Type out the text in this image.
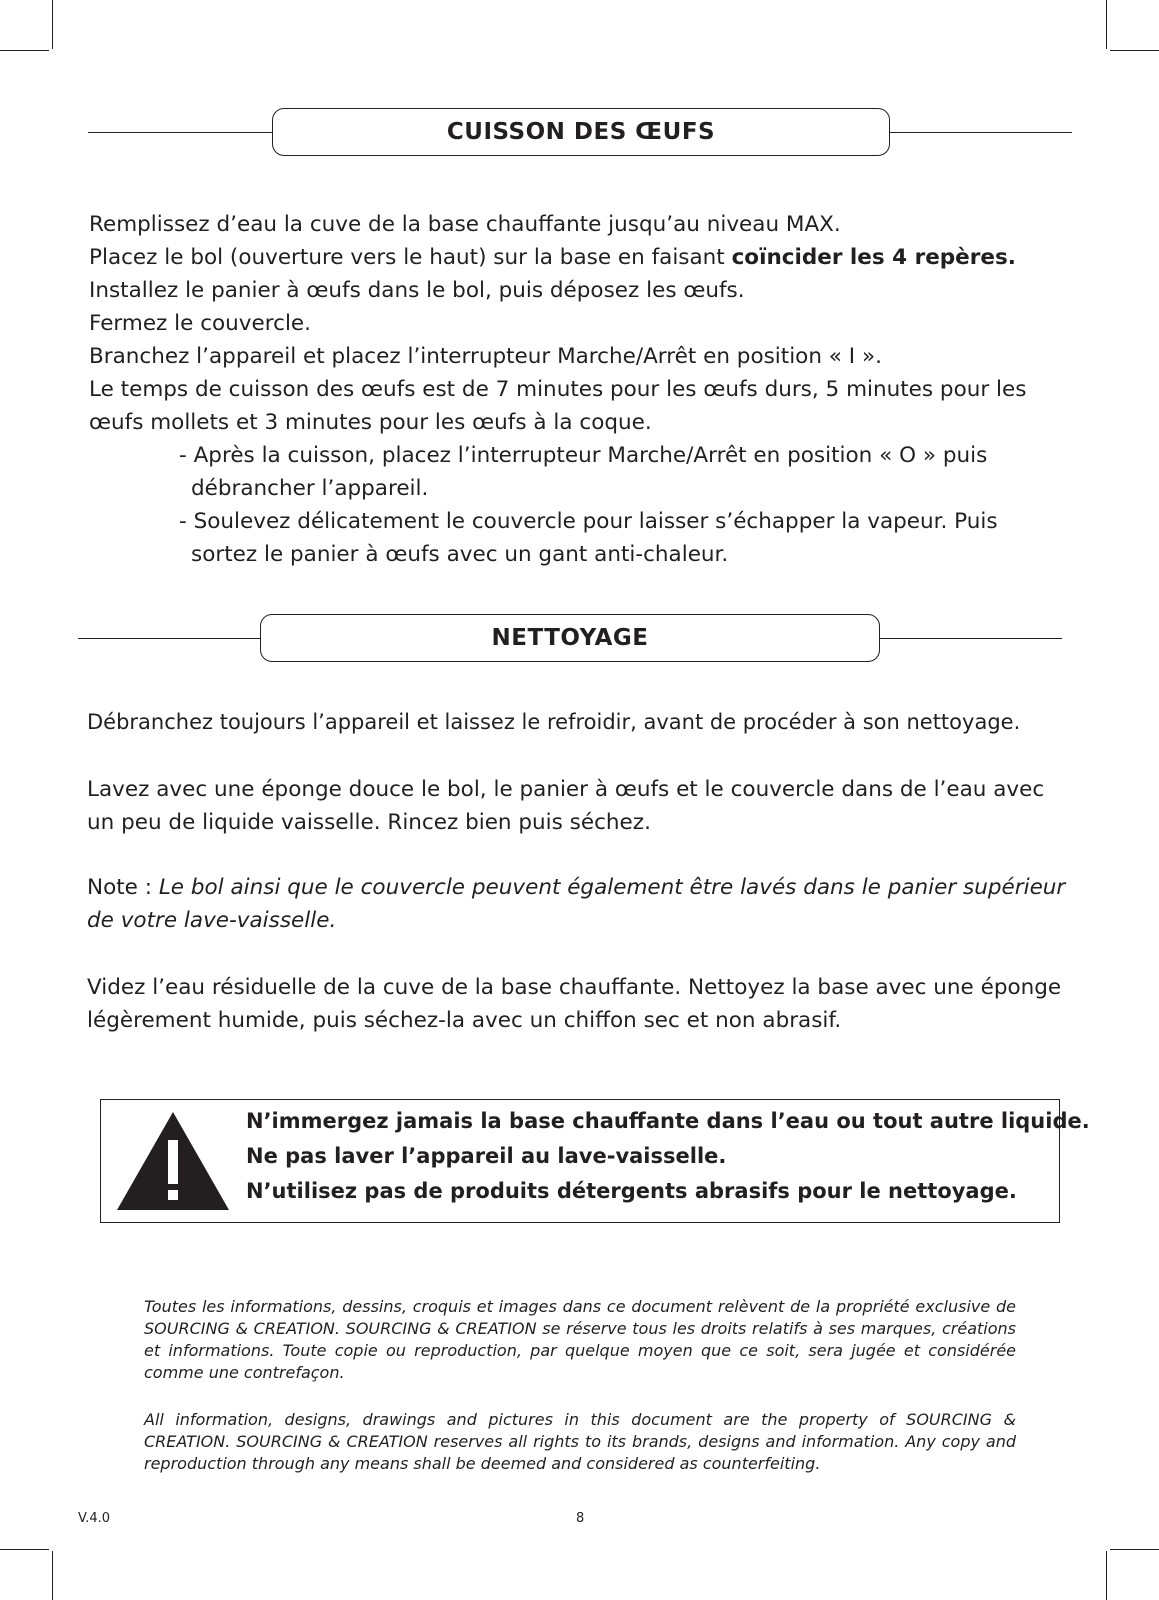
CUISSON DES ŒUFS
Remplissez d’eau la cuve de la base chauffante jusqu’au niveau MAX.
Placez le bol (ouverture vers le haut) sur la base en faisant coïncider les 4 repères.
Installez le panier à œufs dans le bol, puis déposez les œufs.
Fermez le couvercle.
Branchez l’appareil et placez l’interrupteur Marche/Arrêt en position « I ».
Le temps de cuisson des œufs est de 7 minutes pour les œufs durs, 5 minutes pour les
œufs mollets et 3 minutes pour les œufs à la coque.
- Après la cuisson, placez l’interrupteur Marche/Arrêt en position « O » puis
débrancher l’appareil.
- Soulevez délicatement le couvercle pour laisser s’échapper la vapeur. Puis
sortez le panier à œufs avec un gant anti-chaleur.
NETTOYAGE
Débranchez toujours l’appareil et laissez le refroidir, avant de procéder à son nettoyage.
Lavez avec une éponge douce le bol, le panier à œufs et le couvercle dans de l’eau avec
un peu de liquide vaisselle. Rincez bien puis séchez.
Note : Le bol ainsi que le couvercle peuvent également être lavés dans le panier supérieur
de votre lave-vaisselle.
Videz l’eau résiduelle de la cuve de la base chauffante. Nettoyez la base avec une éponge
légèrement humide, puis séchez-la avec un chiffon sec et non abrasif.
N’immergez jamais la base chauffante dans l’eau ou tout autre liquide.
Ne pas laver l’appareil au lave-vaisselle.
N’utilisez pas de produits détergents abrasifs pour le nettoyage.

Toutes les informations, dessins, croquis et images dans ce document relèvent de la propriété exclusive de SOURCING & CREATION. SOURCING & CREATION se réserve tous les droits relatifs à ses marques, créations et informations. Toute copie ou reproduction, par quelque moyen que ce soit, sera jugée et considérée comme une contrefaçon.

All information, designs, drawings and pictures in this document are the property of SOURCING & CREATION. SOURCING & CREATION reserves all rights to its brands, designs and information. Any copy and reproduction through any means shall be deemed and considered as counterfeiting.

V.4.0	8
